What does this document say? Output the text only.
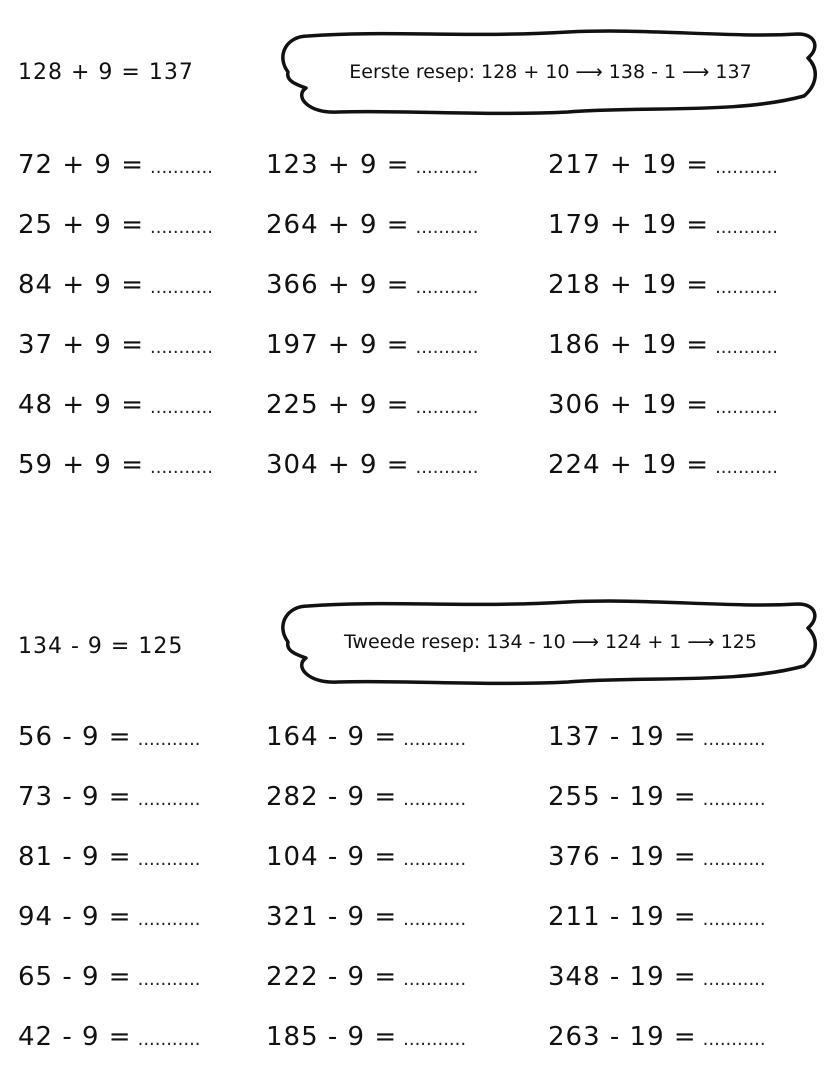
128 + 9 = 137	Eerste resep: 128 + 10 ⟶ 138 - 1 ⟶ 137
72 + 9 = ........... 123 + 9 = ...........	217 + 19 = ...........
25 + 9 = ........... 264 + 9 = ...........	179 + 19 = ...........
84 + 9 = ........... 366 + 9 = ...........	218 + 19 = ...........
37 + 9 = ........... 197 + 9 = ...........	186 + 19 = ...........
48 + 9 = ........... 225 + 9 = ...........	306 + 19 = ...........
59 + 9 = ........... 304 + 9 = ...........	224 + 19 = ...........
134 - 9 = 125	Tweede resep: 134 - 10 ⟶ 124 + 1 ⟶ 125
56 - 9 = ...........	164 - 9 = ...........	137 - 19 = ...........
73 - 9 = ...........	282 - 9 = ...........	255 - 19 = ...........
81 - 9 = ...........	104 - 9 = ...........	376 - 19 = ...........
94 - 9 = ...........	321 - 9 = ...........	211 - 19 = ...........
65 - 9 = ...........	222 - 9 = ...........	348 - 19 = ...........
42 - 9 = ...........	185 - 9 = ...........	263 - 19 = ...........
